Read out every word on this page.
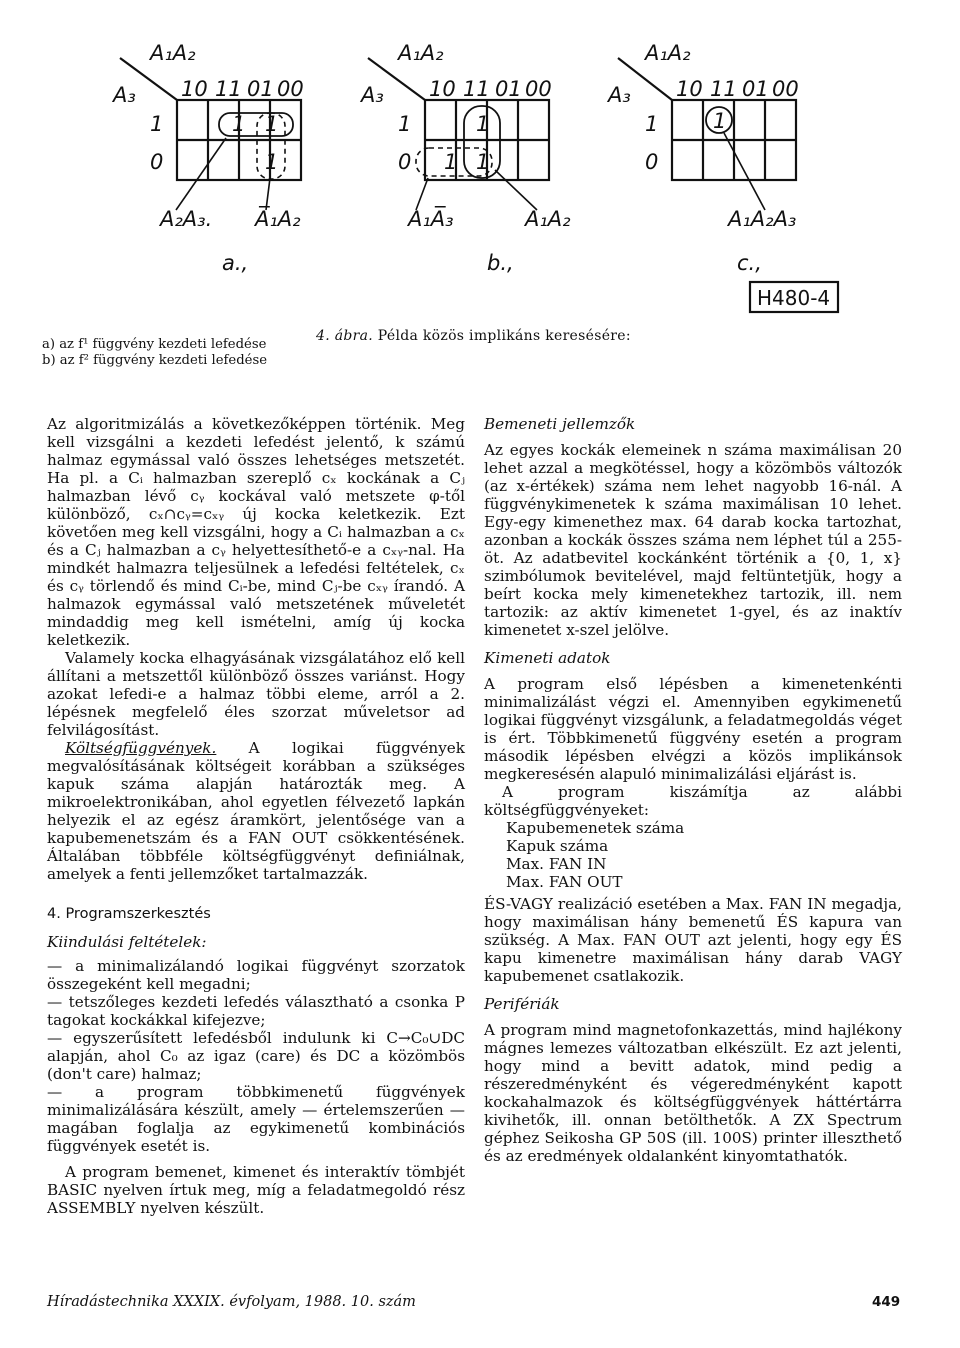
A₁A₂
A₃ 10 11 01 00
1
0
1 1
1
A₂A₃. A̅₁A₂
a.,
A₁A₂
A₃ 10 11 01 00
1
0
1
1 1
A₁A̅₃	A₁A₂
b.,
A₁A₂
A₃ 10 11 01 00
1
0
1
A₁A₂A₃
c.,
H480-4
4. ábra. Példa közös implikáns keresésére:
a) az f¹ függvény kezdeti lefedése
b) az f² függvény kezdeti lefedése

Az algoritmizálás a következőképpen történik. Meg kell vizsgálni a kezdeti lefedést jelentő, k számú halmaz egymással való összes lehetséges metszetét. Ha pl. a Cᵢ halmazban szereplő cₓ kockának a Cⱼ halmazban lévő cᵧ kockával való metszete φ-től különböző, cₓ∩cᵧ=cₓᵧ új kocka keletkezik. Ezt követően meg kell vizsgálni, hogy a Cᵢ halmazban a cₓ és a Cⱼ halmazban a cᵧ helyettesíthető-e a cₓᵧ-nal. Ha mindkét halmazra teljesülnek a lefedési feltételek, cₓ és cᵧ törlendő és mind Cᵢ-be, mind Cⱼ-be cₓᵧ írandó. A halmazok egymással való metszetének műveletét mindaddig meg kell ismételni, amíg új kocka keletkezik.

Valamely kocka elhagyásának vizsgálatához elő kell állítani a metszettől különböző összes variánst. Hogy azokat lefedi-e a halmaz többi eleme, arról a 2. lépésnek megfelelő éles szorzat műveletsor ad felvilágosítást.

Költségfüggvények. A logikai függvények megvalósításának költségeit korábban a szükséges kapuk száma alapján határozták meg. A mikroelektronikában, ahol egyetlen félvezető lapkán helyezik el az egész áramkört, jelentősége van a kapubemenetszám és a FAN OUT csökkentésének. Általában többféle költségfüggvényt definiálnak, amelyek a fenti jellemzőket tartalmazzák.

4. Programszerkesztés

Kiindulási feltételek:

— a minimalizálandó logikai függvényt szorzatok összegeként kell megadni;

— tetszőleges kezdeti lefedés választható a csonka P tagokat kockákkal kifejezve;

— egyszerűsített lefedésből indulunk ki C→C₀∪DC alapján, ahol C₀ az igaz (care) és DC a közömbös (don't care) halmaz;

— a program többkimenetű függvények minimalizálására készült, amely — értelemszerűen — magában foglalja az egykimenetű kombinációs függvények esetét is.

A program bemenet, kimenet és interaktív tömbjét BASIC nyelven írtuk meg, míg a feladatmegoldó rész ASSEMBLY nyelven készült.

Bemeneti jellemzők

Az egyes kockák elemeinek n száma maximálisan 20 lehet azzal a megkötéssel, hogy a közömbös változók (az x-értékek) száma nem lehet nagyobb 16-nál. A függvénykimenetek k száma maximálisan 10 lehet. Egy-egy kimenethez max. 64 darab kocka tartozhat, azonban a kockák összes száma nem léphet túl a 255-öt. Az adatbevitel kockánként történik a {0, 1, x} szimbólumok bevitelével, majd feltüntetjük, hogy a beírt kocka mely kimenetekhez tartozik, ill. nem tartozik: az aktív kimenetet 1-gyel, és az inaktív kimenetet x-szel jelölve.

Kimeneti adatok

A program első lépésben a kimenetenkénti minimalizálást végzi el. Amennyiben egykimenetű logikai függvényt vizsgálunk, a feladatmegoldás véget is ért. Többkimenetű függvény esetén a program második lépésben elvégzi a közös implikánsok megkeresésén alapuló minimalizálási eljárást is.

A program kiszámítja az alábbi költségfüggvényeket:

Kapubemenetek száma

Kapuk száma

Max. FAN IN

Max. FAN OUT

ÉS-VAGY realizáció esetében a Max. FAN IN megadja, hogy maximálisan hány bemenetű ÉS kapura van szükség. A Max. FAN OUT azt jelenti, hogy egy ÉS kapu kimenetre maximálisan hány darab VAGY kapubemenet csatlakozik.

Perifériák

A program mind magnetofonkazettás, mind hajlékony mágnes lemezes változatban elkészült. Ez azt jelenti, hogy mind a bevitt adatok, mind pedig a részeredményként és végeredményként kapott kockahalmazok és költségfüggvények háttértárra kivihetők, ill. onnan betölthetők. A ZX Spectrum géphez Seikosha GP 50S (ill. 100S) printer illeszthető és az eredmények oldalanként kinyomtathatók.

Híradástechnika XXXIX. évfolyam, 1988. 10. szám	449
